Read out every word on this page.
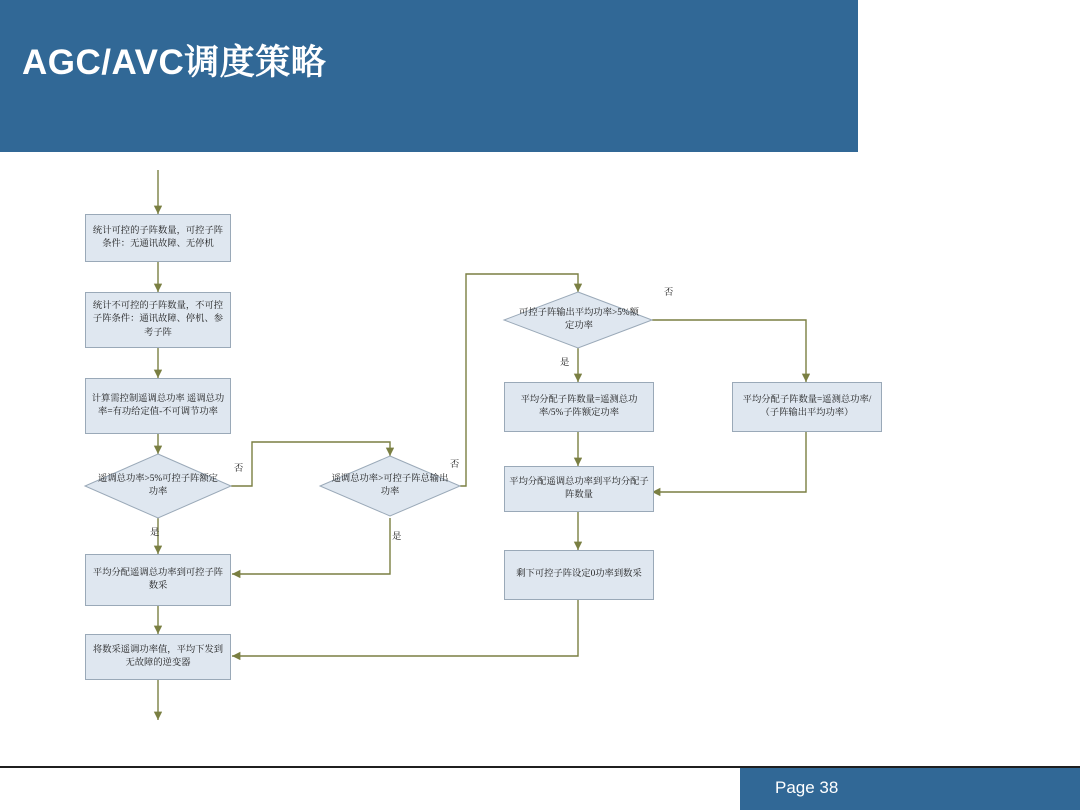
AGC/AVC调度策略
统计可控的子阵数量，可控子阵条件：无通讯故障、无停机
统计不可控的子阵数量，不可控子阵条件：通讯故障、停机、参考子阵
计算需控制遥调总功率 遥调总功率=有功给定值-不可调节功率
平均分配遥调总功率到可控子阵数采
将数采遥调功率值，平均下发到无故障的逆变器
平均分配子阵数量=遥测总功率/5%子阵额定功率
平均分配子阵数量=遥测总功率/（子阵输出平均功率）
平均分配遥调总功率到平均分配子阵数量
剩下可控子阵设定0功率到数采
遥调总功率>5%可控子阵额定功率
遥调总功率>可控子阵总输出功率
可控子阵输出平均功率>5%额定功率
否	否
是	是
否
是
Page 38
